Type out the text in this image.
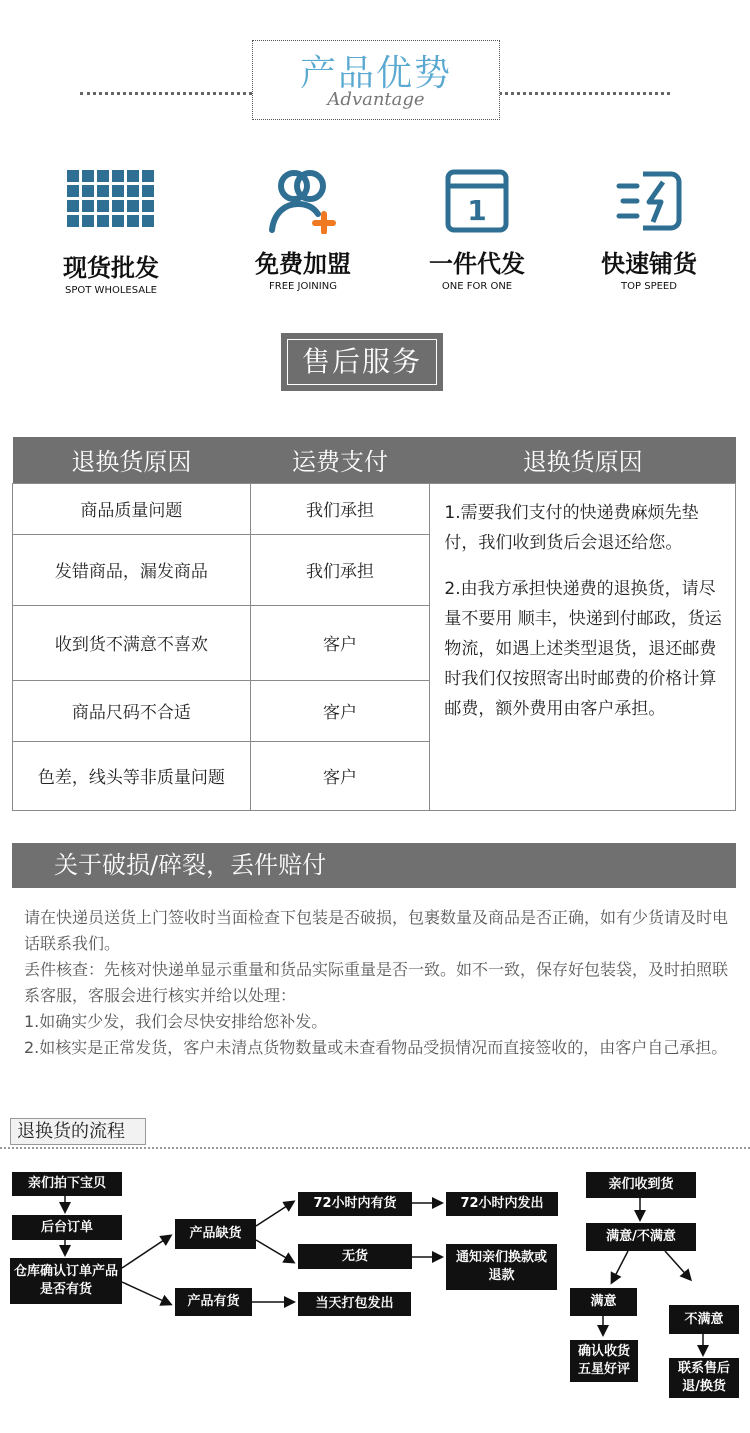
产品优势
Advantage
现货批发
SPOT WHOLESALE
免费加盟
FREE JOINING
1
一件代发
ONE FOR ONE
快速铺货
TOP SPEED
售后服务
退换货原因	运费支付	退换货原因
商品质量问题	我们承担	1.需要我们支付的快递费麻烦先垫付，我们收到货后会退还给您。
2.由我方承担快递费的退换货，请尽量不要用 顺丰，快递到付邮政，货运物流，如遇上述类型退货，退还邮费时我们仅按照寄出时邮费的价格计算邮费，额外费用由客户承担。

发错商品，漏发商品	我们承担	
收到货不满意不喜欢	客户	
商品尺码不合适	客户	
色差，线头等非质量问题	客户	
关于破损/碎裂，丢件赔付
请在快递员送货上门签收时当面检查下包装是否破损，包裹数量及商品是否正确，如有少货请及时电话联系我们。
丢件核查：先核对快递单显示重量和货品实际重量是否一致。如不一致，保存好包装袋，及时拍照联系客服，客服会进行核实并给以处理：
1.如确实少发，我们会尽快安排给您补发。
2.如核实是正常发货，客户未清点货物数量或未查看物品受损情况而直接签收的，由客户自己承担。
退换货的流程
亲们拍下宝贝
后台订单
仓库确认订单产品是否有货
产品缺货
产品有货
72小时内有货	72小时内发出
无货	通知亲们换款或退款
当天打包发出
亲们收到货
满意/不满意
满意
确认收货五星好评
不满意
联系售后退/换货
